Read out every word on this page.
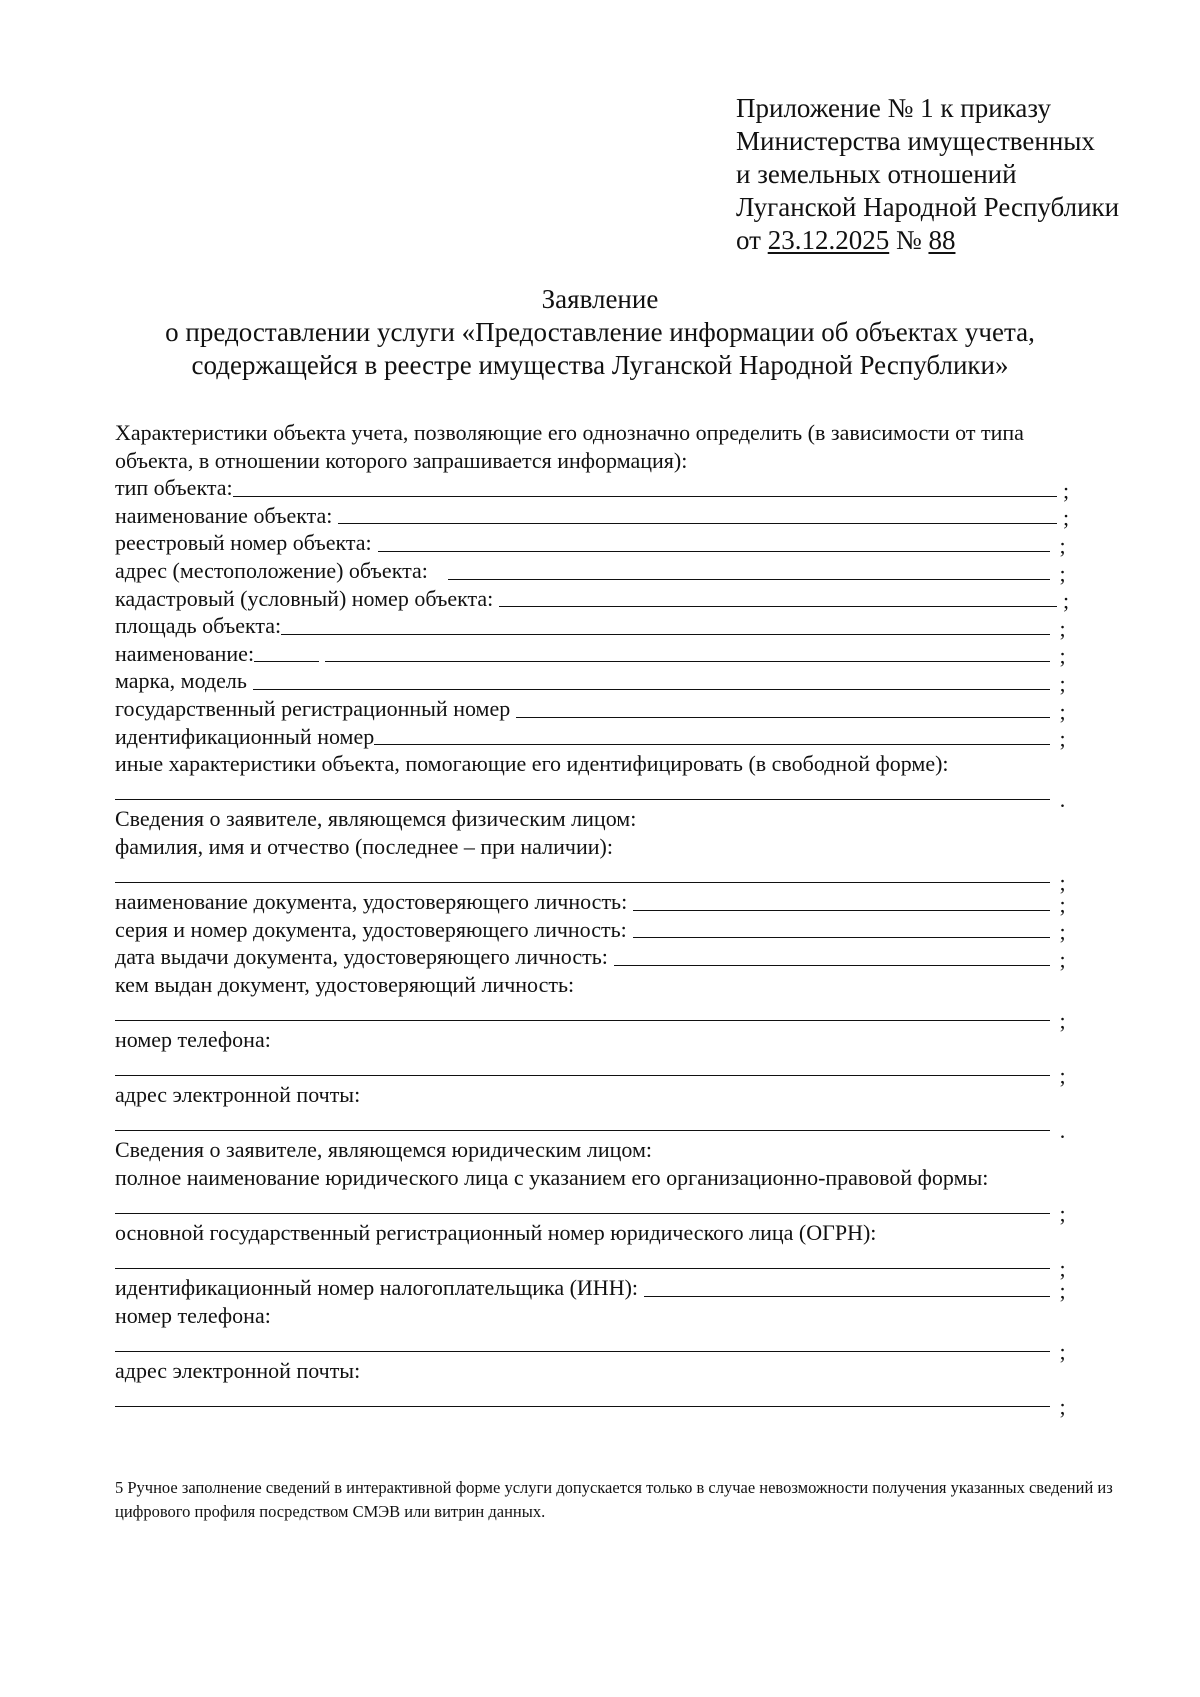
Приложение № 1 к приказу
Министерства имущественных
и земельных отношений
Луганской Народной Республики
от 23.12.2025 № 88
Заявление
о предоставлении услуги «Предоставление информации об объектах учета,
содержащейся в реестре имущества Луганской Народной Республики»
Характеристики объекта учета, позволяющие его однозначно определить (в зависимости от типа
объекта, в отношении которого запрашивается информация):
тип объекта:	;
наименование объекта:	;
реестровый номер объекта:	;
адрес (местоположение) объекта:	;
кадастровый (условный) номер объекта:	;
площадь объекта:	;
наименование:	;
марка, модель	;
государственный регистрационный номер	;
идентификационный номер	;
иные характеристики объекта, помогающие его идентифицировать (в свободной форме):
.
Сведения о заявителе, являющемся физическим лицом:
фамилия, имя и отчество (последнее – при наличии):
;
наименование документа, удостоверяющего личность:	;
серия и номер документа, удостоверяющего личность:	;
дата выдачи документа, удостоверяющего личность:	;
кем выдан документ, удостоверяющий личность:
;
номер телефона:
;
адрес электронной почты:
.
Сведения о заявителе, являющемся юридическим лицом:
полное наименование юридического лица с указанием его организационно-правовой формы:
;
основной государственный регистрационный номер юридического лица (ОГРН):
;
идентификационный номер налогоплательщика (ИНН):	;
номер телефона:
;
адрес электронной почты:
;
5 Ручное заполнение сведений в интерактивной форме услуги допускается только в случае невозможности получения указанных сведений из цифрового профиля посредством СМЭВ или витрин данных.
